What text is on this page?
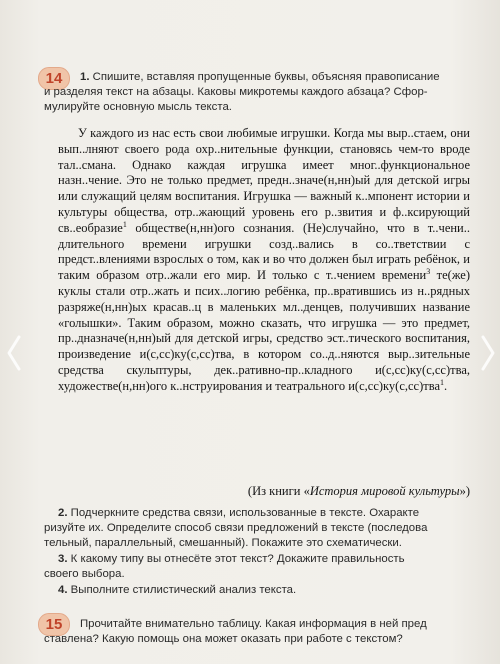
14	1. Спишите, вставляя пропущенные буквы, объясняя правописание
и разделяя текст на абзацы. Каковы микротемы каждого абзаца? Сфор-
мулируйте основную мысль текста.

У каждого из нас есть свои любимые игрушки. Когда мы выр..стаем, они вып..лняют своего рода охр..нительные функции, становясь чем-то вроде тал..смана. Однако каждая игрушка имеет мног..функциональное назн..чение. Это не только предмет, предн..значе(н,нн)ый для детской игры или служащий целям воспитания. Игрушка — важный к..мпонент истории и культуры общества, отр..жающий уровень его р..звития и ф..ксирующий св..еобразие$^1$ обществе(н,нн)ого сознания. (Не)случайно, что в т..чени.. длительного времени игрушки созд..вались в со..тветствии с предст..влениями взрослых о том, как и во что должен был играть ребёнок, и таким образом отр..жали его мир. И только с т..чением времени$^3$ те(же) куклы стали отр..жать и псих..логию ребёнка, пр..вратившись из н..рядных разряже(н,нн)ых красав..ц в маленьких мл..денцев, получивших название «голышки». Таким образом, можно сказать, что игрушка — это предмет, пр..дназначе(н,нн)ый для детской игры, средство эст..тического воспитания, произведение и(с,сс)ку(с,сс)тва, в котором со..д..няются выр..зительные средства скульптуры, дек..ративно-пр..кладного и(с,сс)ку(с,сс)тва, художестве(н,нн)ого к..нструирования и театрального и(с,сс)ку(с,сс)тва$^1$.

(Из книги «История мировой культуры»)
2. Подчеркните средства связи, использованные в тексте. Охаракте
ризуйте их. Определите способ связи предложений в тексте (последова
тельный, параллельный, смешанный). Покажите это схематически.
3. К какому типу вы отнесёте этот текст? Докажите правильность
своего выбора.
4. Выполните стилистический анализ текста.
15	Прочитайте внимательно таблицу. Какая информация в ней пред
ставлена? Какую помощь она может оказать при работе с текстом?
